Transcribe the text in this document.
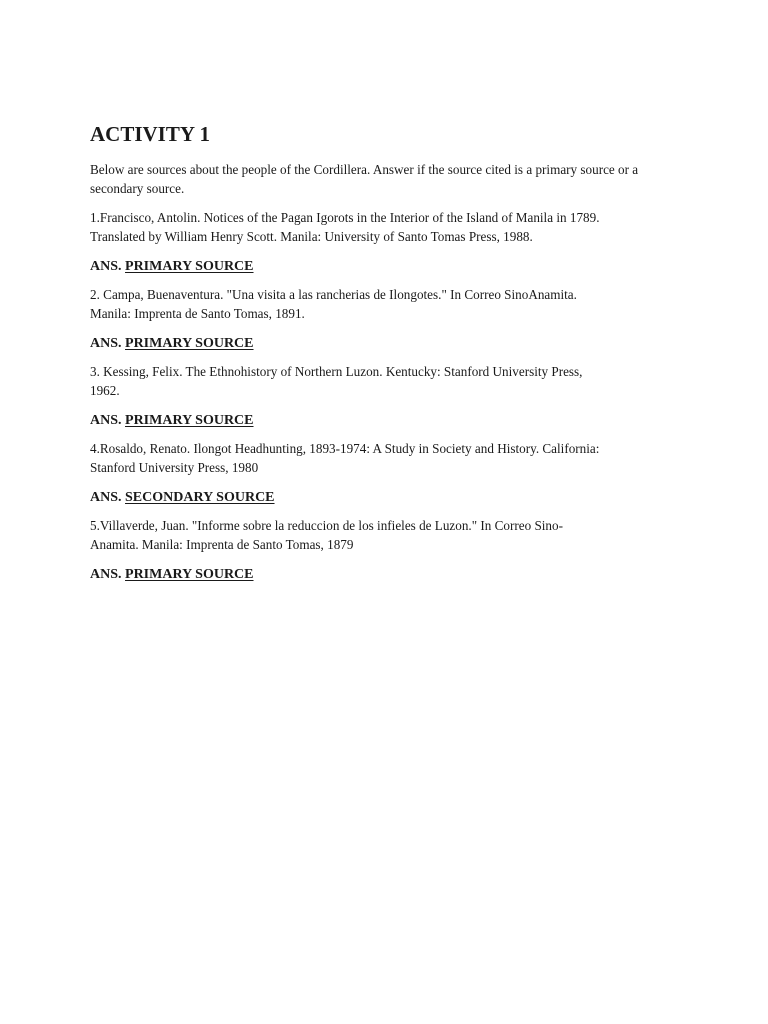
ACTIVITY 1
Below are sources about the people of the Cordillera. Answer if the source cited is a primary source or a secondary source.
1.Francisco, Antolin. Notices of the Pagan Igorots in the Interior of the Island of Manila in 1789.
Translated by William Henry Scott. Manila: University of Santo Tomas Press, 1988.
ANS. PRIMARY SOURCE
2. Campa, Buenaventura. "Una visita a las rancherias de Ilongotes." In Correo SinoAnamita.
Manila: Imprenta de Santo Tomas, 1891.
ANS. PRIMARY SOURCE
3. Kessing, Felix. The Ethnohistory of Northern Luzon. Kentucky: Stanford University Press,
1962.
ANS. PRIMARY SOURCE
4.Rosaldo, Renato. Ilongot Headhunting, 1893-1974: A Study in Society and History. California:
Stanford University Press, 1980
ANS. SECONDARY SOURCE
5.Villaverde, Juan. "Informe sobre la reduccion de los infieles de Luzon." In Correo Sino-
Anamita. Manila: Imprenta de Santo Tomas, 1879
ANS. PRIMARY SOURCE
